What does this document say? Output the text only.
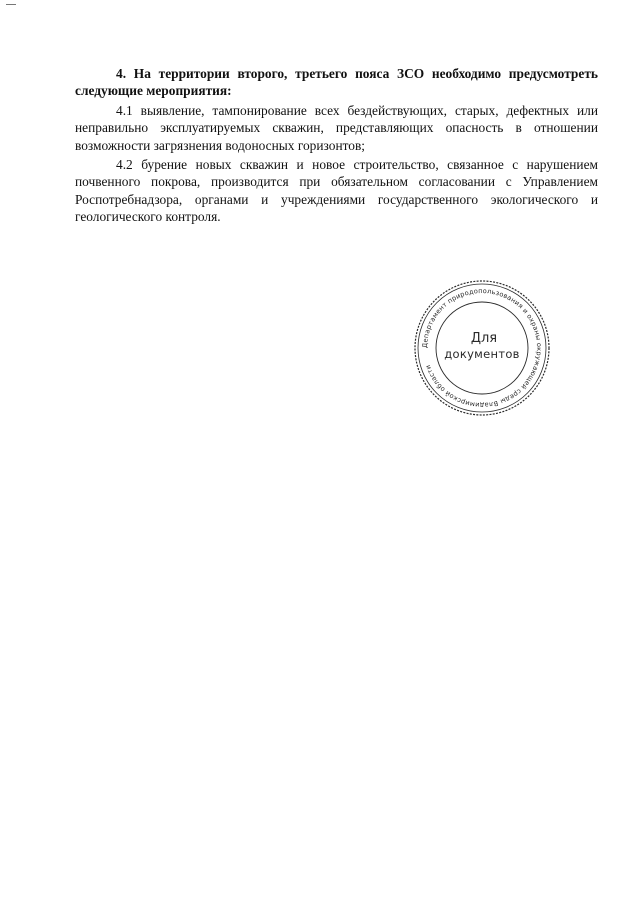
4. На территории второго, третьего пояса ЗСО необходимо предусмотреть следующие мероприятия:

4.1 выявление, тампонирование всех бездействующих, старых, дефектных или неправильно эксплуатируемых скважин, представляющих опасность в отношении возможности загрязнения водоносных горизонтов;

4.2 бурение новых скважин и новое строительство, связанное с нарушением почвенного покрова, производится при обязательном согласовании с Управлением Роспотребнадзора, органами и учреждениями государственного экологического и геологического контроля.

Департамент природопользования и охраны окружающей среды Владимирской области
Для
документов
